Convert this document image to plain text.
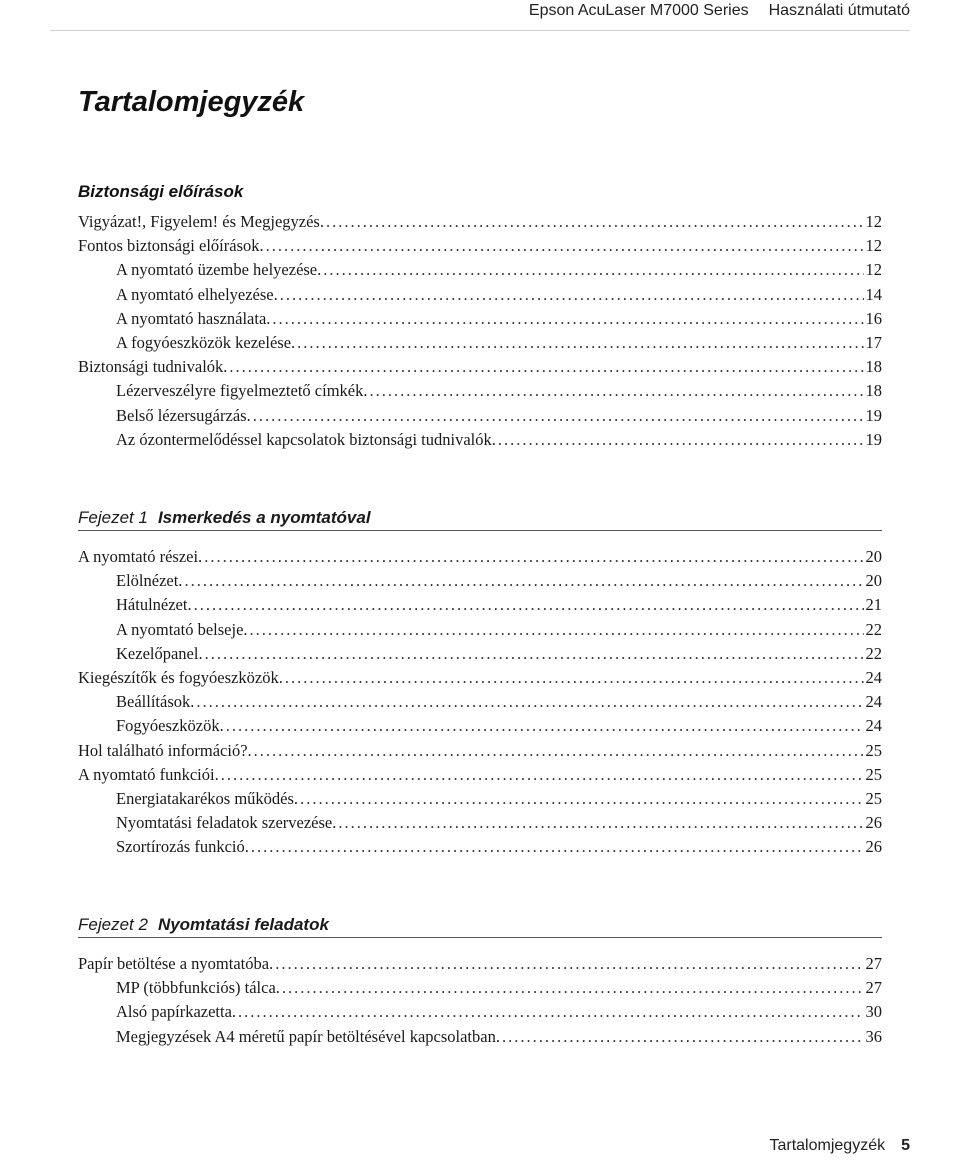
Epson AcuLaser M7000 Series Használati útmutató
Tartalomjegyzék
Biztonsági előírások
Vigyázat!, Figyelem! és Megjegyzés. .....	12
Fontos biztonsági előírások. .....	12
A nyomtató üzembe helyezése. .....	12
A nyomtató elhelyezése. .....	14
A nyomtató használata. .....	16
A fogyóeszközök kezelése. .....	17
Biztonsági tudnivalók. .....	18
Lézerveszélyre figyelmeztető címkék. .....	18
Belső lézersugárzás. .....	19
Az ózontermelődéssel kapcsolatok biztonsági tudnivalók. .....	19
Fejezet 1 Ismerkedés a nyomtatóval
A nyomtató részei. .....	20
Elölnézet. .....	20
Hátulnézet. .....	21
A nyomtató belseje. .....	22
Kezelőpanel. .....	22
Kiegészítők és fogyóeszközök. .....	24
Beállítások. .....	24
Fogyóeszközök. .....	24
Hol található információ?. .....	25
A nyomtató funkciói. .....	25
Energiatakarékos működés. .....	25
Nyomtatási feladatok szervezése. .....	26
Szortírozás funkció. .....	26
Fejezet 2 Nyomtatási feladatok
Papír betöltése a nyomtatóba. .....	27
MP (többfunkciós) tálca. .....	27
Alsó papírkazetta. .....	30
Megjegyzések A4 méretű papír betöltésével kapcsolatban. .....	36
Tartalomjegyzék 5
